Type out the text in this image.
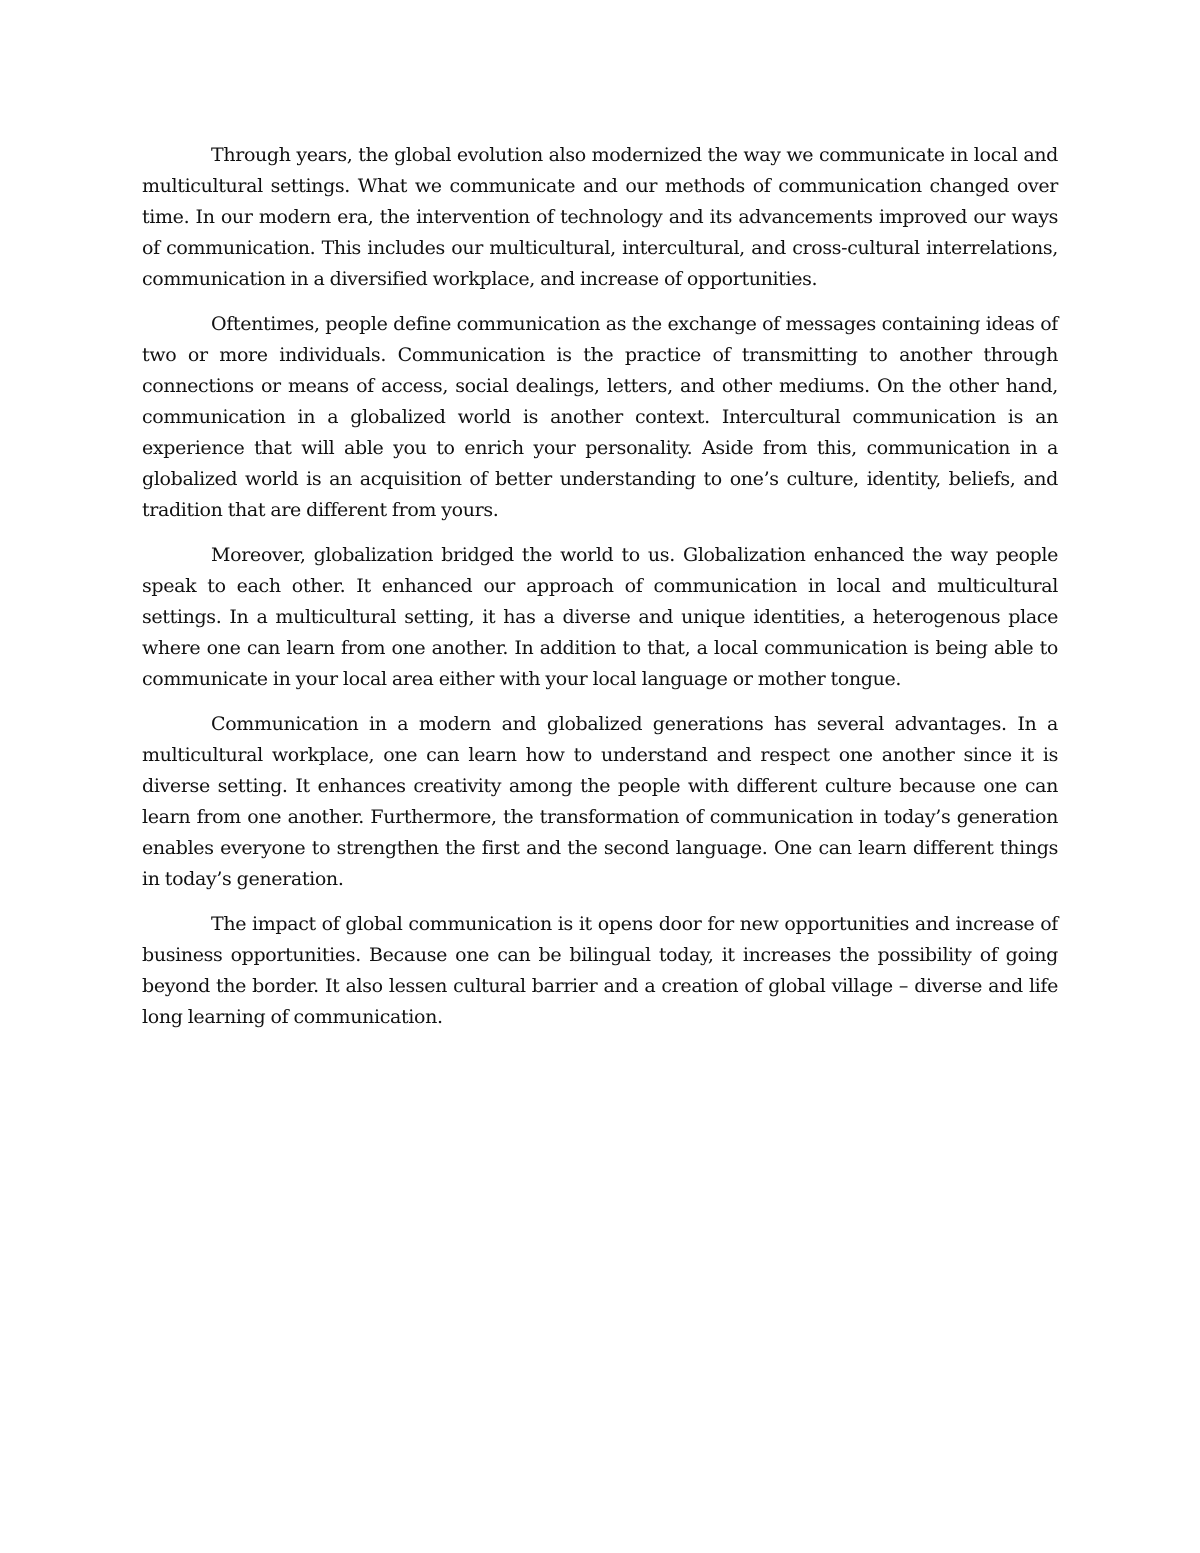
Through years, the global evolution also modernized the way we communicate in local and multicultural settings. What we communicate and our methods of communication changed over time. In our modern era, the intervention of technology and its advancements improved our ways of communication. This includes our multicultural, intercultural, and cross-cultural interrelations, communication in a diversified workplace, and increase of opportunities.

Oftentimes, people define communication as the exchange of messages containing ideas of two or more individuals. Communication is the practice of transmitting to another through connections or means of access, social dealings, letters, and other mediums. On the other hand, communication in a globalized world is another context. Intercultural communication is an experience that will able you to enrich your personality. Aside from this, communication in a globalized world is an acquisition of better understanding to one’s culture, identity, beliefs, and tradition that are different from yours.

Moreover, globalization bridged the world to us. Globalization enhanced the way people speak to each other. It enhanced our approach of communication in local and multicultural settings. In a multicultural setting, it has a diverse and unique identities, a heterogenous place where one can learn from one another. In addition to that, a local communication is being able to communicate in your local area either with your local language or mother tongue.

Communication in a modern and globalized generations has several advantages. In a multicultural workplace, one can learn how to understand and respect one another since it is diverse setting. It enhances creativity among the people with different culture because one can learn from one another. Furthermore, the transformation of communication in today’s generation enables everyone to strengthen the first and the second language. One can learn different things in today’s generation.

The impact of global communication is it opens door for new opportunities and increase of business opportunities. Because one can be bilingual today, it increases the possibility of going beyond the border. It also lessen cultural barrier and a creation of global village – diverse and life long learning of communication.
